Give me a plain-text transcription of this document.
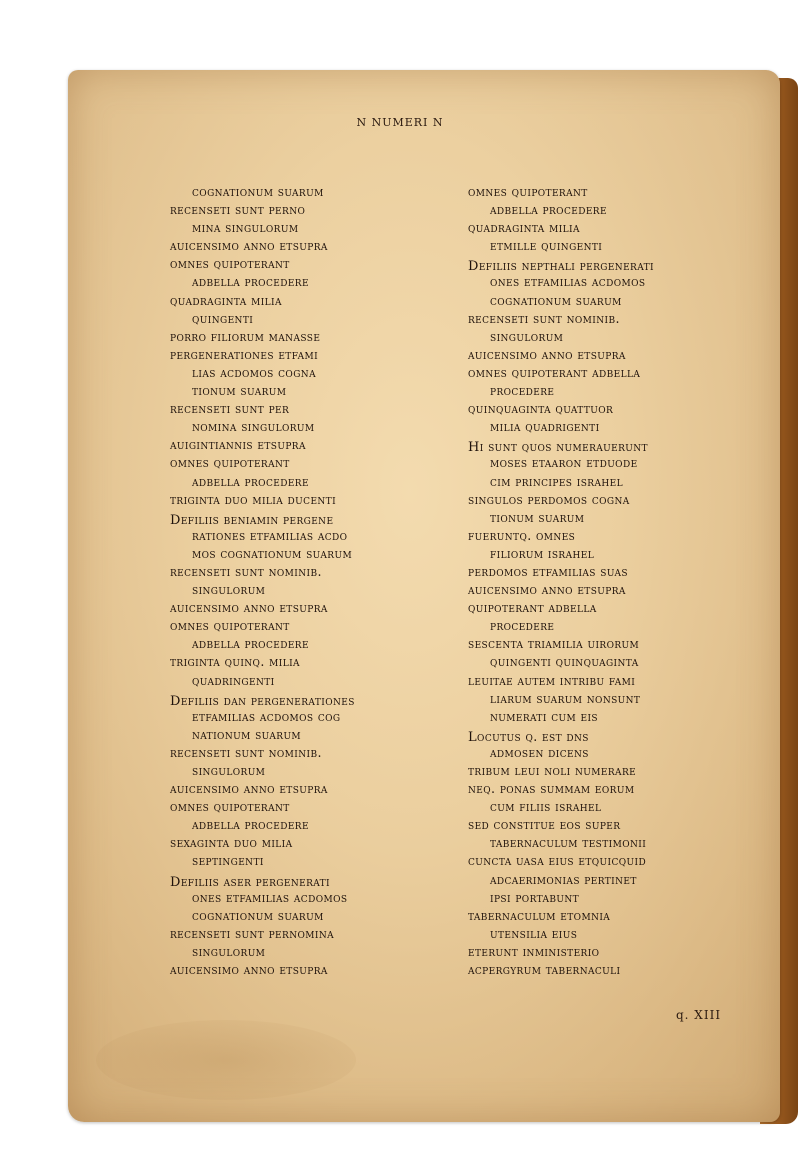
N NUMERI N
cognationum suarum
recenseti sunt perno
mina singulorum
auicensimo anno etsupra
omnes quipoterant
adbella procedere
quadraginta milia
quingenti
porro filiorum manasse
pergenerationes etfami
lias acdomos cogna
tionum suarum
recenseti sunt per
nomina singulorum
auigintiannis etsupra
omnes quipoterant
adbella procedere
triginta duo milia ducenti
defiliis beniamin pergene
rationes etfamilias acdo
mos cognationum suarum
recenseti sunt nominib.
singulorum
auicensimo anno etsupra
omnes quipoterant
adbella procedere
triginta quinq. milia
quadringenti
defiliis dan pergenerationes
etfamilias acdomos cog
nationum suarum
recenseti sunt nominib.
singulorum
auicensimo anno etsupra
omnes quipoterant
adbella procedere
sexaginta duo milia
septingenti
defiliis aser pergenerati
ones etfamilias acdomos
cognationum suarum
recenseti sunt pernomina
singulorum
auicensimo anno etsupra
omnes quipoterant
adbella procedere
quadraginta milia
etmille quingenti
defiliis nepthali pergenerati
ones etfamilias acdomos
cognationum suarum
recenseti sunt nominib.
singulorum
auicensimo anno etsupra
omnes quipoterant adbella
procedere
quinquaginta quattuor
milia quadrigenti
hi sunt quos numerauerunt
moses etaaron etduode
cim principes israhel
singulos perdomos cogna
tionum suarum
fueruntq. omnes
filiorum israhel
perdomos etfamilias suas
auicensimo anno etsupra
quipoterant adbella
procedere
sescenta triamilia uirorum
quingenti quinquaginta
leuitae autem intribu fami
liarum suarum nonsunt
numerati cum eis
locutus q. est dns
admosen dicens
tribum leui noli numerare
neq. ponas summam eorum
cum filiis israhel
sed constitue eos super
tabernaculum testimonii
cuncta uasa eius etquicquid
adcaerimonias pertinet
ipsi portabunt
tabernaculum etomnia
utensilia eius
eterunt inministerio
acpergyrum tabernaculi
q. XIII
